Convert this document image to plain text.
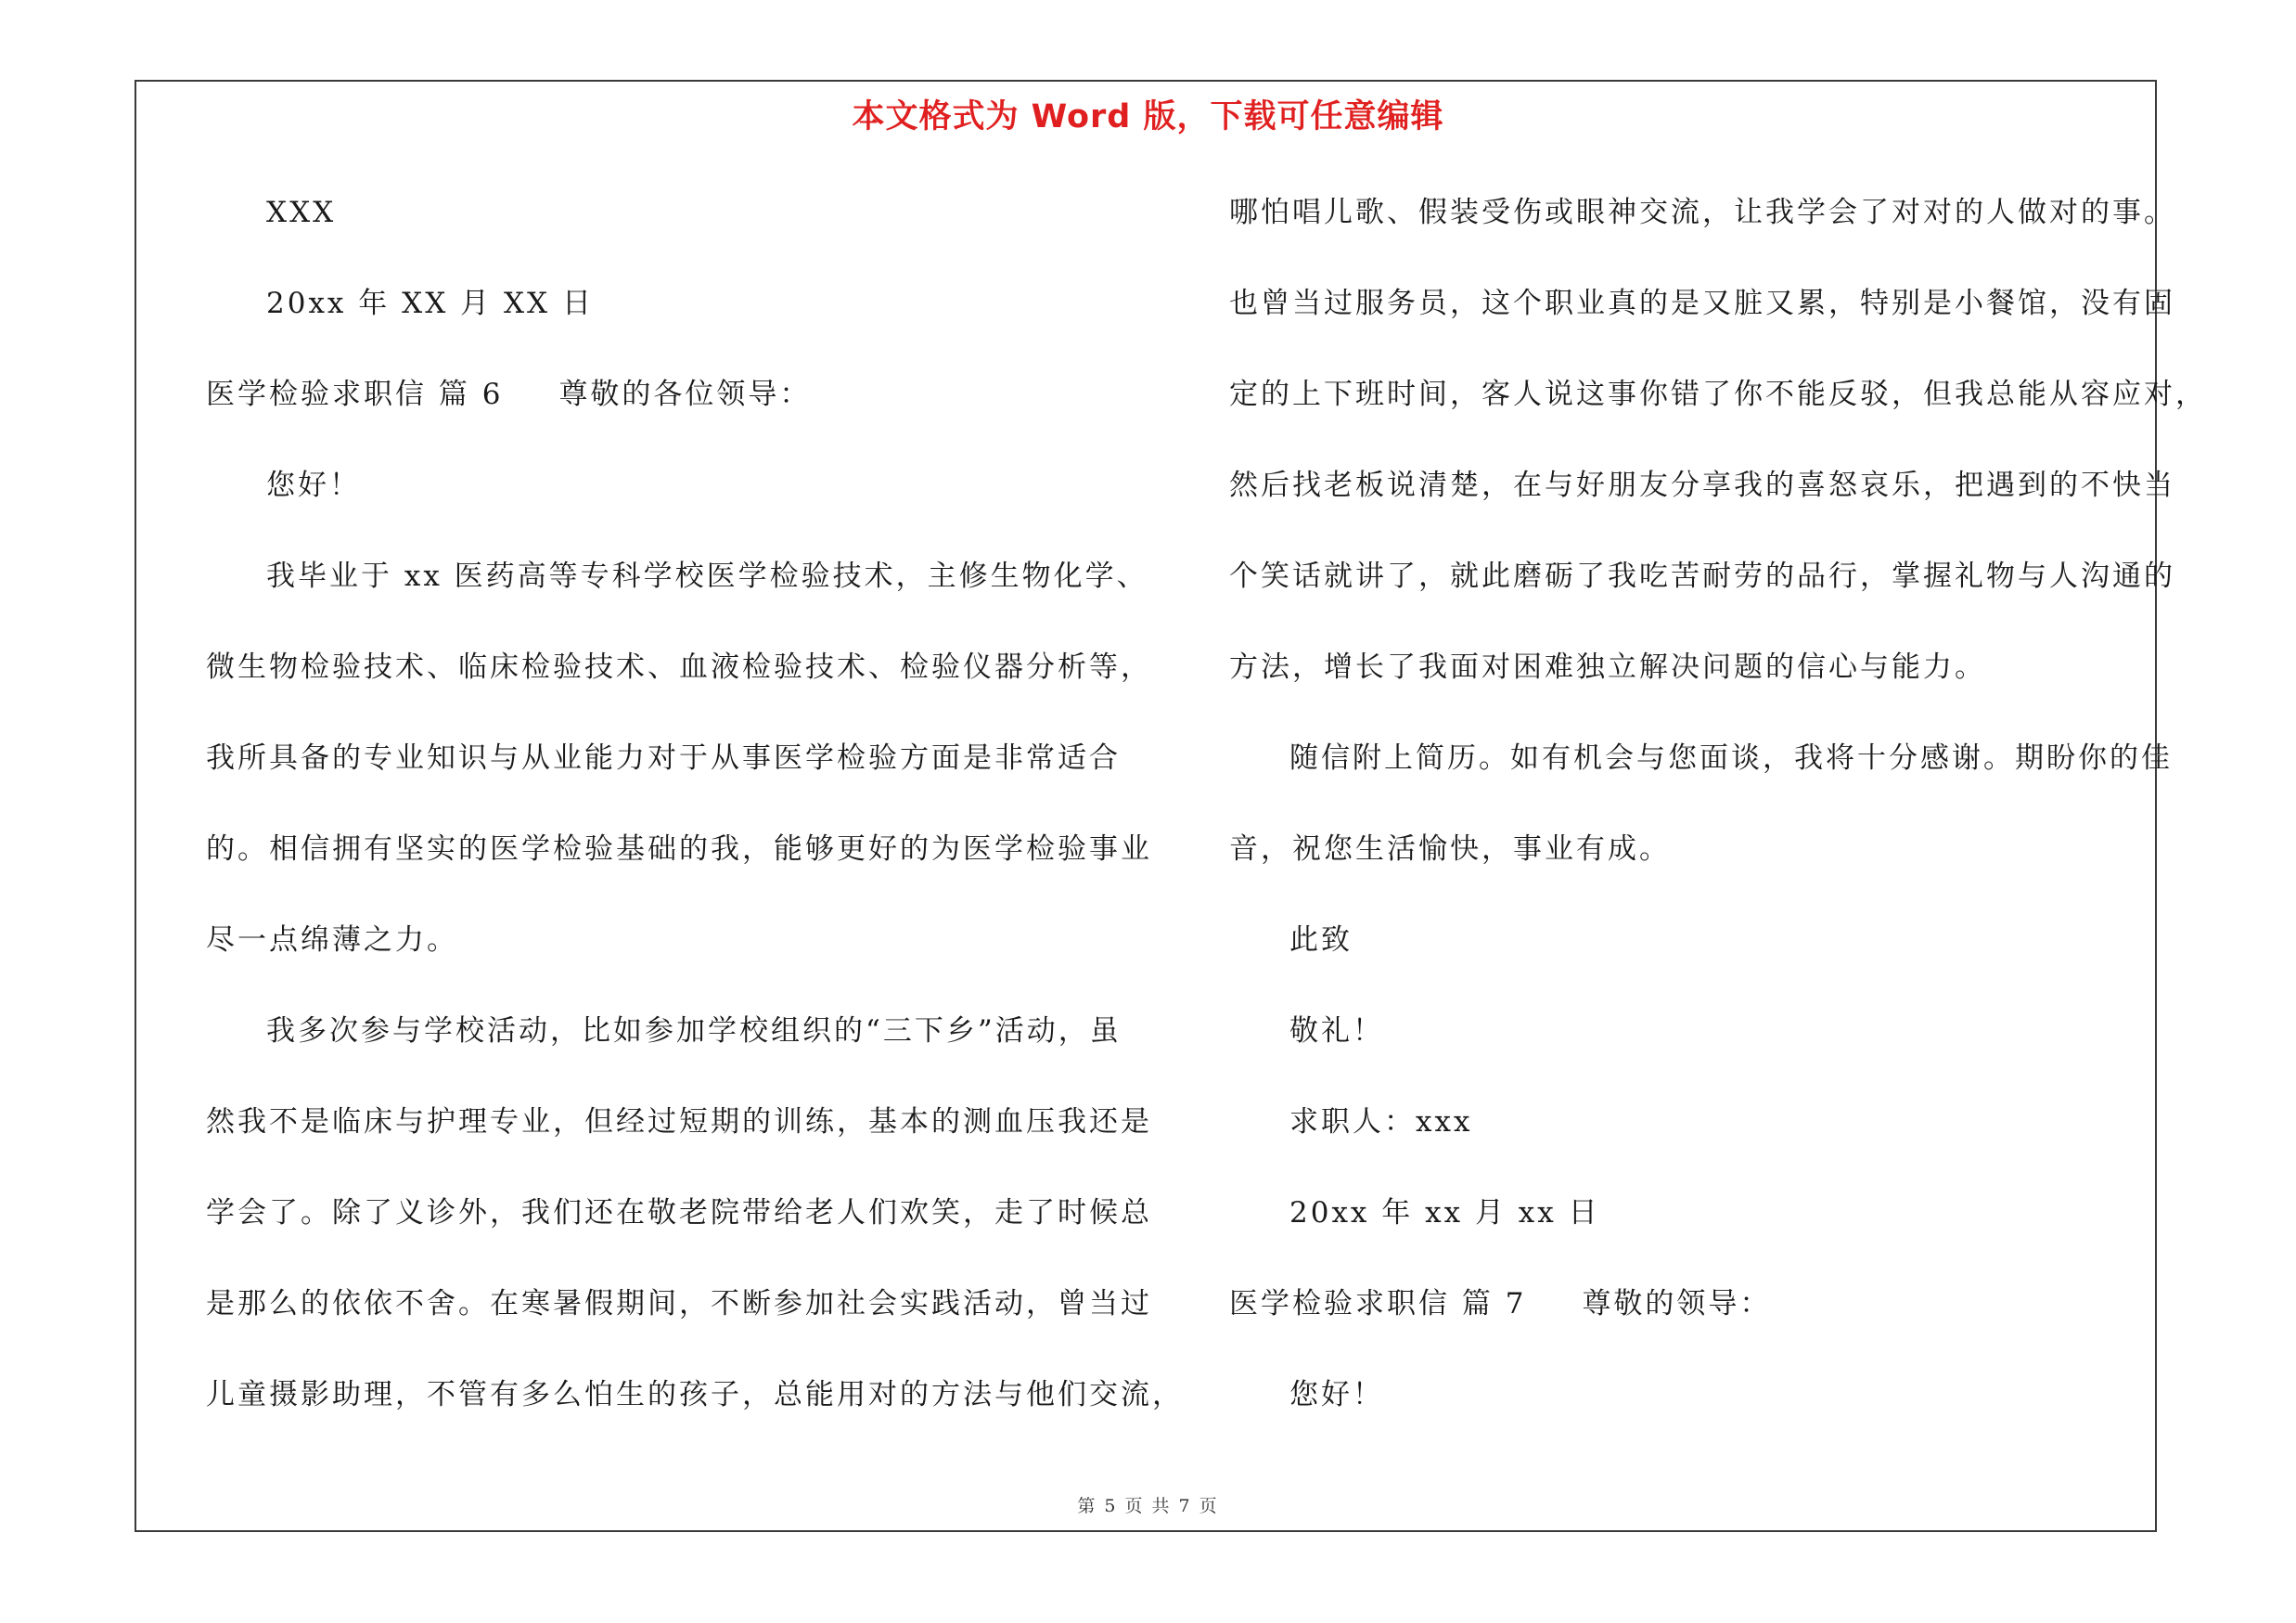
本文格式为 Word 版，下载可任意编辑
XXX
20xx 年 XX 月 XX 日
医学检验求职信 篇 6 尊敬的各位领导：
您好！
我毕业于 xx 医药高等专科学校医学检验技术，主修生物化学、
微生物检验技术、临床检验技术、血液检验技术、检验仪器分析等，
我所具备的专业知识与从业能力对于从事医学检验方面是非常适合
的。相信拥有坚实的医学检验基础的我，能够更好的为医学检验事业
尽一点绵薄之力。
我多次参与学校活动，比如参加学校组织的“三下乡”活动，虽
然我不是临床与护理专业，但经过短期的训练，基本的测血压我还是
学会了。除了义诊外，我们还在敬老院带给老人们欢笑，走了时候总
是那么的依依不舍。在寒暑假期间，不断参加社会实践活动，曾当过
儿童摄影助理，不管有多么怕生的孩子，总能用对的方法与他们交流，
哪怕唱儿歌、假装受伤或眼神交流，让我学会了对对的人做对的事。
也曾当过服务员，这个职业真的是又脏又累，特别是小餐馆，没有固
定的上下班时间，客人说这事你错了你不能反驳，但我总能从容应对，
然后找老板说清楚，在与好朋友分享我的喜怒哀乐，把遇到的不快当
个笑话就讲了，就此磨砺了我吃苦耐劳的品行，掌握礼物与人沟通的
方法，增长了我面对困难独立解决问题的信心与能力。
随信附上简历。如有机会与您面谈，我将十分感谢。期盼你的佳
音，祝您生活愉快，事业有成。
此致
敬礼！
求职人：xxx
20xx 年 xx 月 xx 日
医学检验求职信 篇 7 尊敬的领导：
您好！
第 5 页 共 7 页
